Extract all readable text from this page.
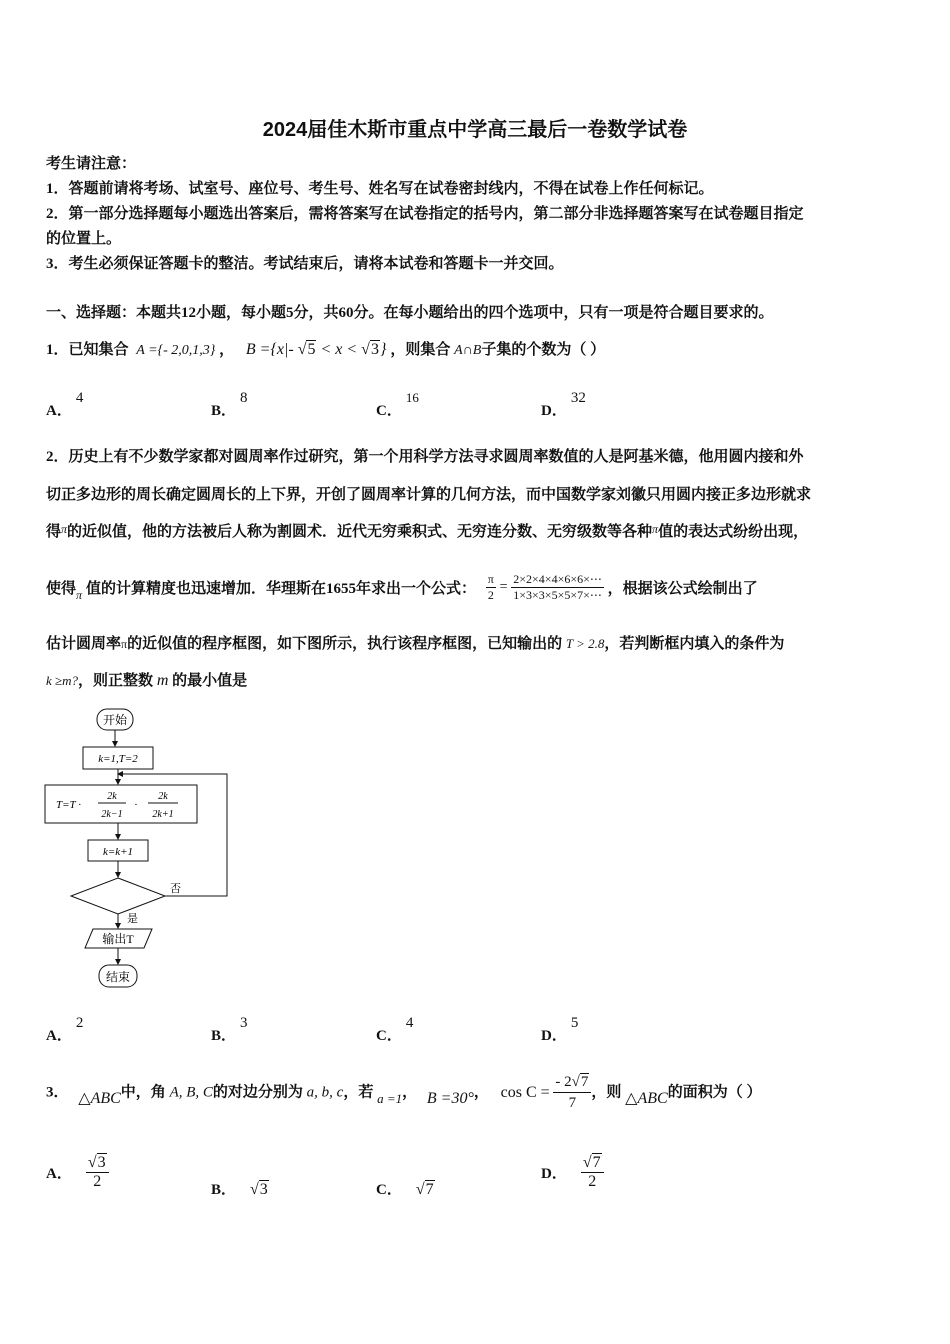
2024届佳木斯市重点中学高三最后一卷数学试卷
考生请注意：
1．答题前请将考场、试室号、座位号、考生号、姓名写在试卷密封线内，不得在试卷上作任何标记。
2．第一部分选择题每小题选出答案后，需将答案写在试卷指定的括号内，第二部分非选择题答案写在试卷题目指定
的位置上。
3．考生必须保证答题卡的整洁。考试结束后，请将本试卷和答题卡一并交回。
一、选择题：本题共12小题，每小题5分，共60分。在每小题给出的四个选项中，只有一项是符合题目要求的。
1．已知集合 A ={- 2,0,1,3} ， B ={x|- √5 < x < √3} ，则集合 A∩B子集的个数为（ ）
A． 4
B． 8
C． 16
D． 32
2．历史上有不少数学家都对圆周率作过研究，第一个用科学方法寻求圆周率数值的人是阿基米德，他用圆内接和外
切正多边形的周长确定圆周长的上下界，开创了圆周率计算的几何方法，而中国数学家刘徽只用圆内接正多边形就求
得$^\pi$的近似值，他的方法被后人称为割圆术．近代无穷乘积式、无穷连分数、无穷级数等各种$^\pi$值的表达式纷纷出现，
使得$_\pi$ 值的计算精度也迅速增加．华理斯在1655年求出一个公式： $\frac{\pi}{2} = \frac{2\times 2\times 4\times 4\times 6\times 6\times\cdots}{1\times 3\times 3\times 5\times 5\times 7\times\cdots}$ ，根据该公式绘制出了
估计圆周率π的近似值的程序框图，如下图所示，执行该程序框图，已知输出的 T > 2.8，若判断框内填入的条件为
k ≥m?，则正整数 m 的最小值是
开始
k=1,T=2
T=T ·
2k
2k−1
·
2k
2k+1
k=k+1
否
是
输出T
结束
A． 2
B． 3
C． 4
D． 5
3． △ABC中，角 A, B, C的对边分别为 a, b, c，若 a =1， B =30°， $\cos C = \frac{- 2√7}{7}$ ，则 △ABC的面积为（ ）
A． $\frac{√3}{2}$	B． √3	C． √7
D． $\frac{√7}{2}$
